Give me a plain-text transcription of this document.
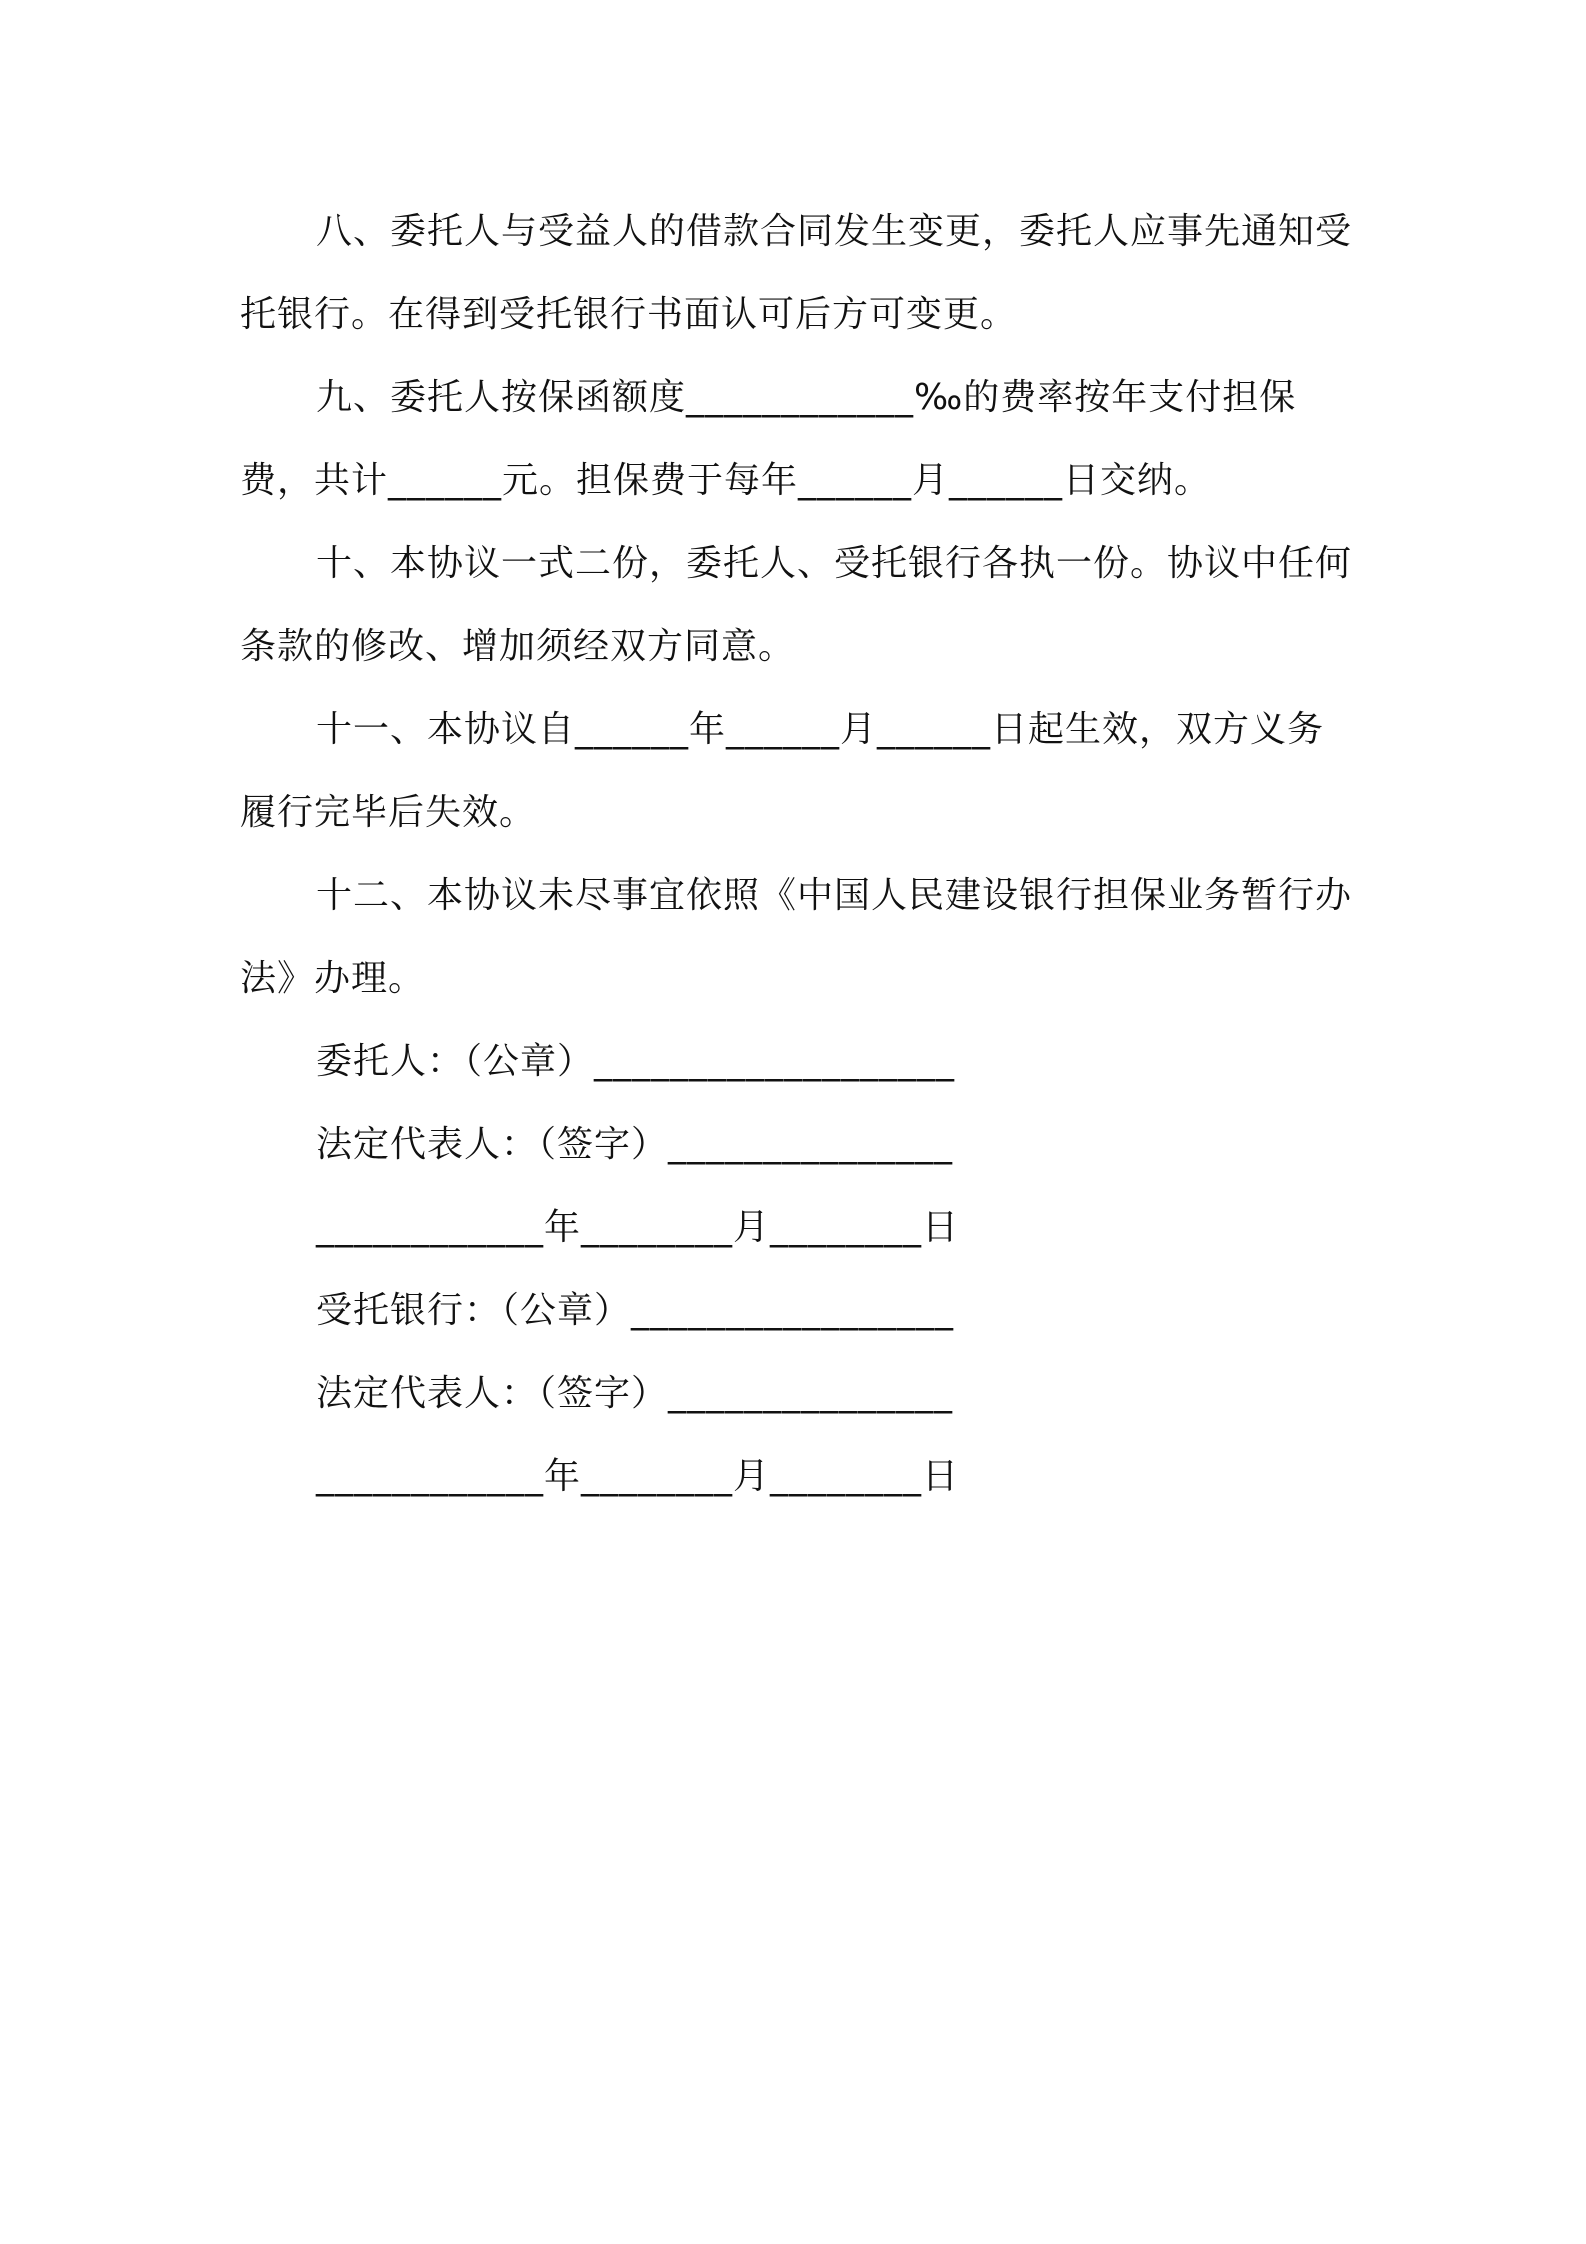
八、委托人与受益人的借款合同发生变更，委托人应事先通知受托银行。在得到受托银行书面认可后方可变更。

九、委托人按保函额度____________‰的费率按年支付担保费，共计______元。担保费于每年______月______日交纳。

十、本协议一式二份，委托人、受托银行各执一份。协议中任何条款的修改、增加须经双方同意。

十一、本协议自______年______月______日起生效，双方义务履行完毕后失效。

十二、本协议未尽事宜依照《中国人民建设银行担保业务暂行办法》办理。

委托人：（公章）___________________

法定代表人：（签字）_______________

____________年________月________日

受托银行：（公章）_________________

法定代表人：（签字）_______________

____________年________月________日
